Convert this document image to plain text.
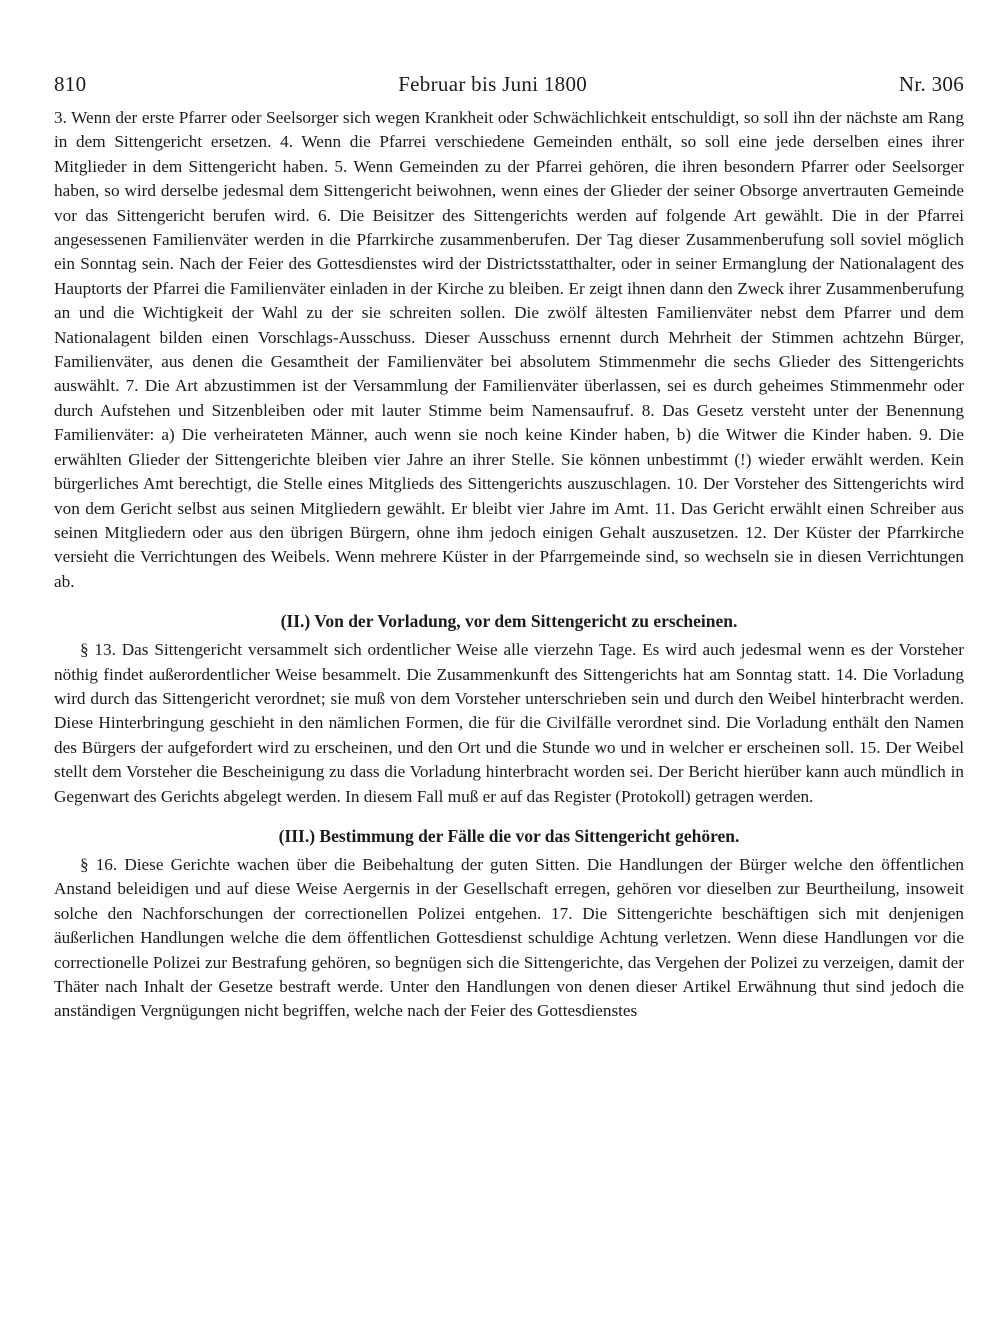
810	Februar bis Juni 1800	Nr. 306

3. Wenn der erste Pfarrer oder Seelsorger sich wegen Krankheit oder Schwächlichkeit entschuldigt, so soll ihn der nächste am Rang in dem Sittengericht ersetzen. 4. Wenn die Pfarrei verschiedene Gemeinden enthält, so soll eine jede derselben eines ihrer Mitglieder in dem Sittengericht haben. 5. Wenn Gemeinden zu der Pfarrei gehören, die ihren besondern Pfarrer oder Seelsorger haben, so wird derselbe jedesmal dem Sittengericht beiwohnen, wenn eines der Glieder der seiner Obsorge anvertrauten Gemeinde vor das Sittengericht berufen wird. 6. Die Beisitzer des Sittengerichts werden auf folgende Art gewählt. Die in der Pfarrei angesessenen Familienväter werden in die Pfarrkirche zusammenberufen. Der Tag dieser Zusammenberufung soll soviel möglich ein Sonntag sein. Nach der Feier des Gottesdienstes wird der Districtsstatthalter, oder in seiner Ermanglung der Nationalagent des Hauptorts der Pfarrei die Familienväter einladen in der Kirche zu bleiben. Er zeigt ihnen dann den Zweck ihrer Zusammenberufung an und die Wichtigkeit der Wahl zu der sie schreiten sollen. Die zwölf ältesten Familienväter nebst dem Pfarrer und dem Nationalagent bilden einen Vorschlags-Ausschuss. Dieser Ausschuss ernennt durch Mehrheit der Stimmen achtzehn Bürger, Familienväter, aus denen die Gesamtheit der Familienväter bei absolutem Stimmenmehr die sechs Glieder des Sittengerichts auswählt. 7. Die Art abzustimmen ist der Versammlung der Familienväter überlassen, sei es durch geheimes Stimmenmehr oder durch Aufstehen und Sitzenbleiben oder mit lauter Stimme beim Namensaufruf. 8. Das Gesetz versteht unter der Benennung Familienväter: a) Die verheirateten Männer, auch wenn sie noch keine Kinder haben, b) die Witwer die Kinder haben. 9. Die erwählten Glieder der Sittengerichte bleiben vier Jahre an ihrer Stelle. Sie können unbestimmt (!) wieder erwählt werden. Kein bürgerliches Amt berechtigt, die Stelle eines Mitglieds des Sittengerichts auszuschlagen. 10. Der Vorsteher des Sittengerichts wird von dem Gericht selbst aus seinen Mitgliedern gewählt. Er bleibt vier Jahre im Amt. 11. Das Gericht erwählt einen Schreiber aus seinen Mitgliedern oder aus den übrigen Bürgern, ohne ihm jedoch einigen Gehalt auszusetzen. 12. Der Küster der Pfarrkirche versieht die Verrichtungen des Weibels. Wenn mehrere Küster in der Pfarrgemeinde sind, so wechseln sie in diesen Verrichtungen ab.

(II.) Von der Vorladung, vor dem Sittengericht zu erscheinen.

§ 13. Das Sittengericht versammelt sich ordentlicher Weise alle vierzehn Tage. Es wird auch jedesmal wenn es der Vorsteher nöthig findet außerordentlicher Weise besammelt. Die Zusammenkunft des Sittengerichts hat am Sonntag statt. 14. Die Vorladung wird durch das Sittengericht verordnet; sie muß von dem Vorsteher unterschrieben sein und durch den Weibel hinterbracht werden. Diese Hinterbringung geschieht in den nämlichen Formen, die für die Civilfälle verordnet sind. Die Vorladung enthält den Namen des Bürgers der aufgefordert wird zu erscheinen, und den Ort und die Stunde wo und in welcher er erscheinen soll. 15. Der Weibel stellt dem Vorsteher die Bescheinigung zu dass die Vorladung hinterbracht worden sei. Der Bericht hierüber kann auch mündlich in Gegenwart des Gerichts abgelegt werden. In diesem Fall muß er auf das Register (Protokoll) getragen werden.

(III.) Bestimmung der Fälle die vor das Sittengericht gehören.

§ 16. Diese Gerichte wachen über die Beibehaltung der guten Sitten. Die Handlungen der Bürger welche den öffentlichen Anstand beleidigen und auf diese Weise Aergernis in der Gesellschaft erregen, gehören vor dieselben zur Beurtheilung, insoweit solche den Nachforschungen der correctionellen Polizei entgehen. 17. Die Sittengerichte beschäftigen sich mit denjenigen äußerlichen Handlungen welche die dem öffentlichen Gottesdienst schuldige Achtung verletzen. Wenn diese Handlungen vor die correctionelle Polizei zur Bestrafung gehören, so begnügen sich die Sittengerichte, das Vergehen der Polizei zu verzeigen, damit der Thäter nach Inhalt der Gesetze bestraft werde. Unter den Handlungen von denen dieser Artikel Erwähnung thut sind jedoch die anständigen Vergnügungen nicht begriffen, welche nach der Feier des Gottesdienstes
